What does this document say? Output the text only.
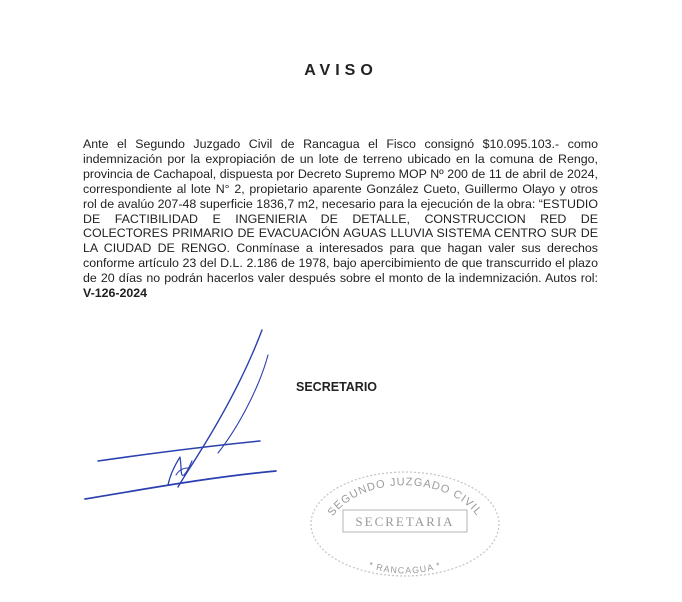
AVISO
Ante el Segundo Juzgado Civil de Rancagua el Fisco consignó $10.095.103.- como indemnización por la expropiación de un lote de terreno ubicado en la comuna de Rengo, provincia de Cachapoal, dispuesta por Decreto Supremo MOP Nº 200 de 11 de abril de 2024, correspondiente al lote N° 2, propietario aparente González Cueto, Guillermo Olayo y otros rol de avalúo 207-48 superficie 1836,7 m2, necesario para la ejecución de la obra: “ESTUDIO DE FACTIBILIDAD E INGENIERIA DE DETALLE, CONSTRUCCION RED DE COLECTORES PRIMARIO DE EVACUACIÓN AGUAS LLUVIA SISTEMA CENTRO SUR DE LA CIUDAD DE RENGO. Conmínase a interesados para que hagan valer sus derechos conforme artículo 23 del D.L. 2.186 de 1978, bajo apercibimiento de que transcurrido el plazo de 20 días no podrán hacerlos valer después sobre el monto de la indemnización. Autos rol: V-126-2024
SECRETARIO
SEGUNDO JUZGADO CIVIL
SECRETARIA
* RANCAGUA *
